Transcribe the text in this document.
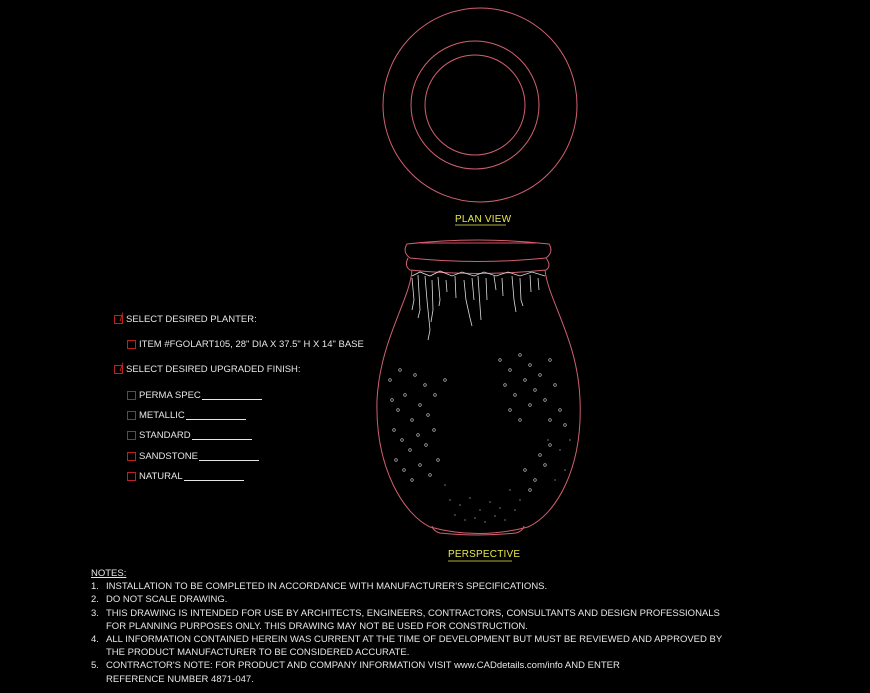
PLAN VIEW
PERSPECTIVE
SELECT DESIRED PLANTER:
ITEM #FGOLART105, 28" DIA X 37.5" H X 14" BASE
SELECT DESIRED UPGRADED FINISH:
PERMA SPEC
METALLIC
STANDARD
SANDSTONE
NATURAL
NOTES:
1. INSTALLATION TO BE COMPLETED IN ACCORDANCE WITH MANUFACTURER'S SPECIFICATIONS.
2. DO NOT SCALE DRAWING.
3. THIS DRAWING IS INTENDED FOR USE BY ARCHITECTS, ENGINEERS, CONTRACTORS, CONSULTANTS AND DESIGN PROFESSIONALS
FOR PLANNING PURPOSES ONLY. THIS DRAWING MAY NOT BE USED FOR CONSTRUCTION.
4. ALL INFORMATION CONTAINED HEREIN WAS CURRENT AT THE TIME OF DEVELOPMENT BUT MUST BE REVIEWED AND APPROVED BY
THE PRODUCT MANUFACTURER TO BE CONSIDERED ACCURATE.
5. CONTRACTOR'S NOTE: FOR PRODUCT AND COMPANY INFORMATION VISIT www.CADdetails.com/info AND ENTER
REFERENCE NUMBER 4871-047.
